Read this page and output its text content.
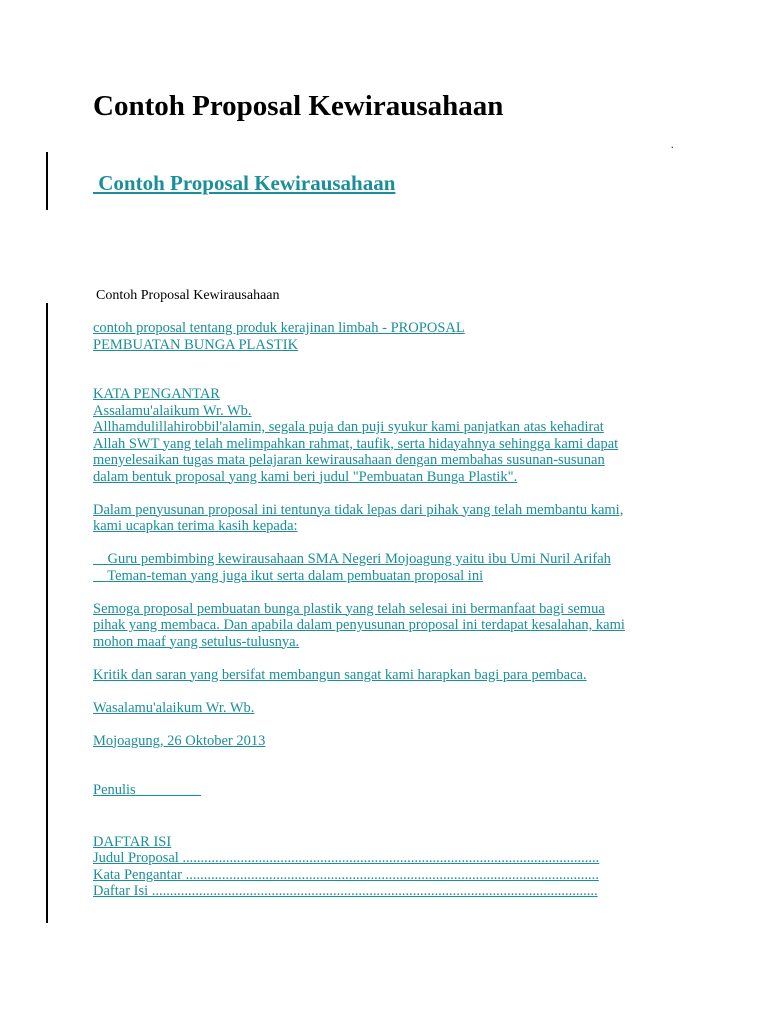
Contoh Proposal Kewirausahaan
.
Contoh Proposal Kewirausahaan
Contoh Proposal Kewirausahaan

contoh proposal tentang produk kerajinan limbah - PROPOSAL

PEMBUATAN BUNGA PLASTIK

KATA PENGANTAR

Assalamu'alaikum Wr. Wb.

Allhamdulillahirobbil'alamin, segala puja dan puji syukur kami panjatkan atas kehadirat

Allah SWT yang telah melimpahkan rahmat, taufik, serta hidayahnya sehingga kami dapat

menyelesaikan tugas mata pelajaran kewirausahaan dengan membahas susunan-susunan

dalam bentuk proposal yang kami beri judul "Pembuatan Bunga Plastik".

Dalam penyusunan proposal ini tentunya tidak lepas dari pihak yang telah membantu kami,

kami ucapkan terima kasih kepada:

Guru pembimbing kewirausahaan SMA Negeri Mojoagung yaitu ibu Umi Nuril Arifah

Teman-teman yang juga ikut serta dalam pembuatan proposal ini

Semoga proposal pembuatan bunga plastik yang telah selesai ini bermanfaat bagi semua

pihak yang membaca. Dan apabila dalam penyusunan proposal ini terdapat kesalahan, kami

mohon maaf yang setulus-tulusnya.

Kritik dan saran yang bersifat membangun sangat kami harapkan bagi para pembaca.

Wasalamu'alaikum Wr. Wb.

Mojoagung, 26 Oktober 2013

Penulis_________

DAFTAR ISI

Judul Proposal ...................................................................................................................

Kata Pengantar ..................................................................................................................

Daftar Isi ...........................................................................................................................
